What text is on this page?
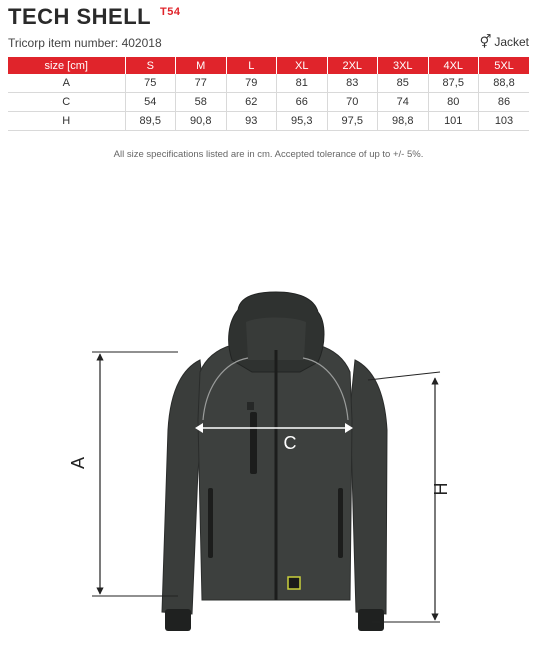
TECH SHELL T54
Tricorp item number: 402018	⚥ Jacket
size [cm]	S	M	L	XL	2XL	3XL	4XL	5XL
A	75	77	79	81	83	85	87,5	88,8
C	54	58	62	66	70	74	80	86
H	89,5	90,8	93	95,3	97,5	98,8	101	103
All size specifications listed are in cm. Accepted tolerance of up to +/- 5%.
A
H
C
